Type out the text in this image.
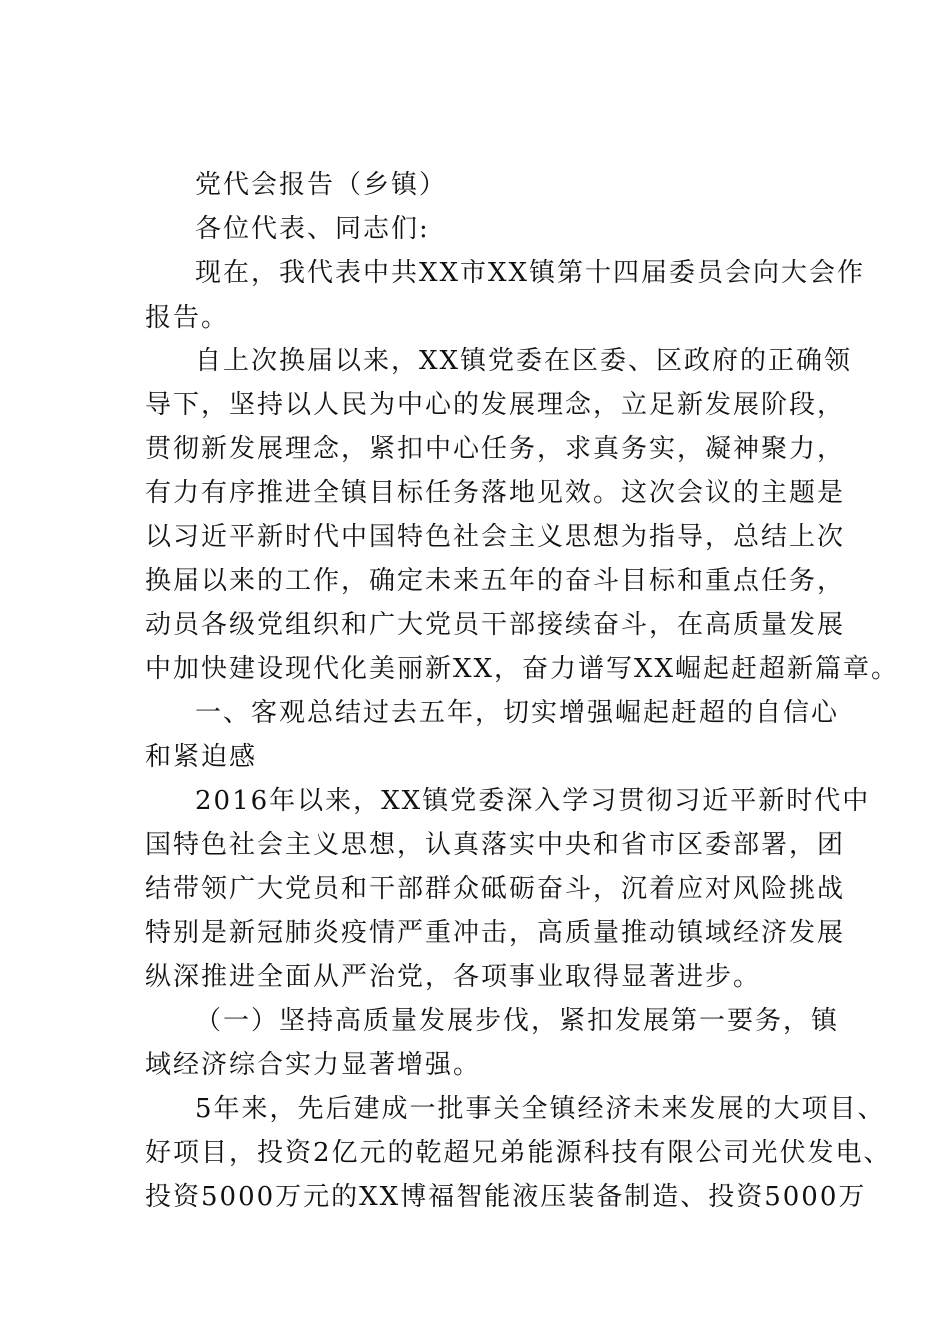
党代会报告（乡镇）
各位代表、同志们:
现在，我代表中共XX市XX镇第十四届委员会向大会作
报告。
自上次换届以来，XX镇党委在区委、区政府的正确领
导下，坚持以人民为中心的发展理念，立足新发展阶段，
贯彻新发展理念，紧扣中心任务，求真务实，凝神聚力，
有力有序推进全镇目标任务落地见效。这次会议的主题是
以习近平新时代中国特色社会主义思想为指导，总结上次
换届以来的工作，确定未来五年的奋斗目标和重点任务，
动员各级党组织和广大党员干部接续奋斗，在高质量发展
中加快建设现代化美丽新XX，奋力谱写XX崛起赶超新篇章。
一、客观总结过去五年，切实增强崛起赶超的自信心
和紧迫感
2016年以来，XX镇党委深入学习贯彻习近平新时代中
国特色社会主义思想，认真落实中央和省市区委部署，团
结带领广大党员和干部群众砥砺奋斗，沉着应对风险挑战
特别是新冠肺炎疫情严重冲击，高质量推动镇域经济发展
纵深推进全面从严治党，各项事业取得显著进步。
（一）坚持高质量发展步伐，紧扣发展第一要务，镇
域经济综合实力显著增强。
5年来，先后建成一批事关全镇经济未来发展的大项目、
好项目，投资2亿元的乾超兄弟能源科技有限公司光伏发电、
投资5000万元的XX博福智能液压装备制造、投资5000万
